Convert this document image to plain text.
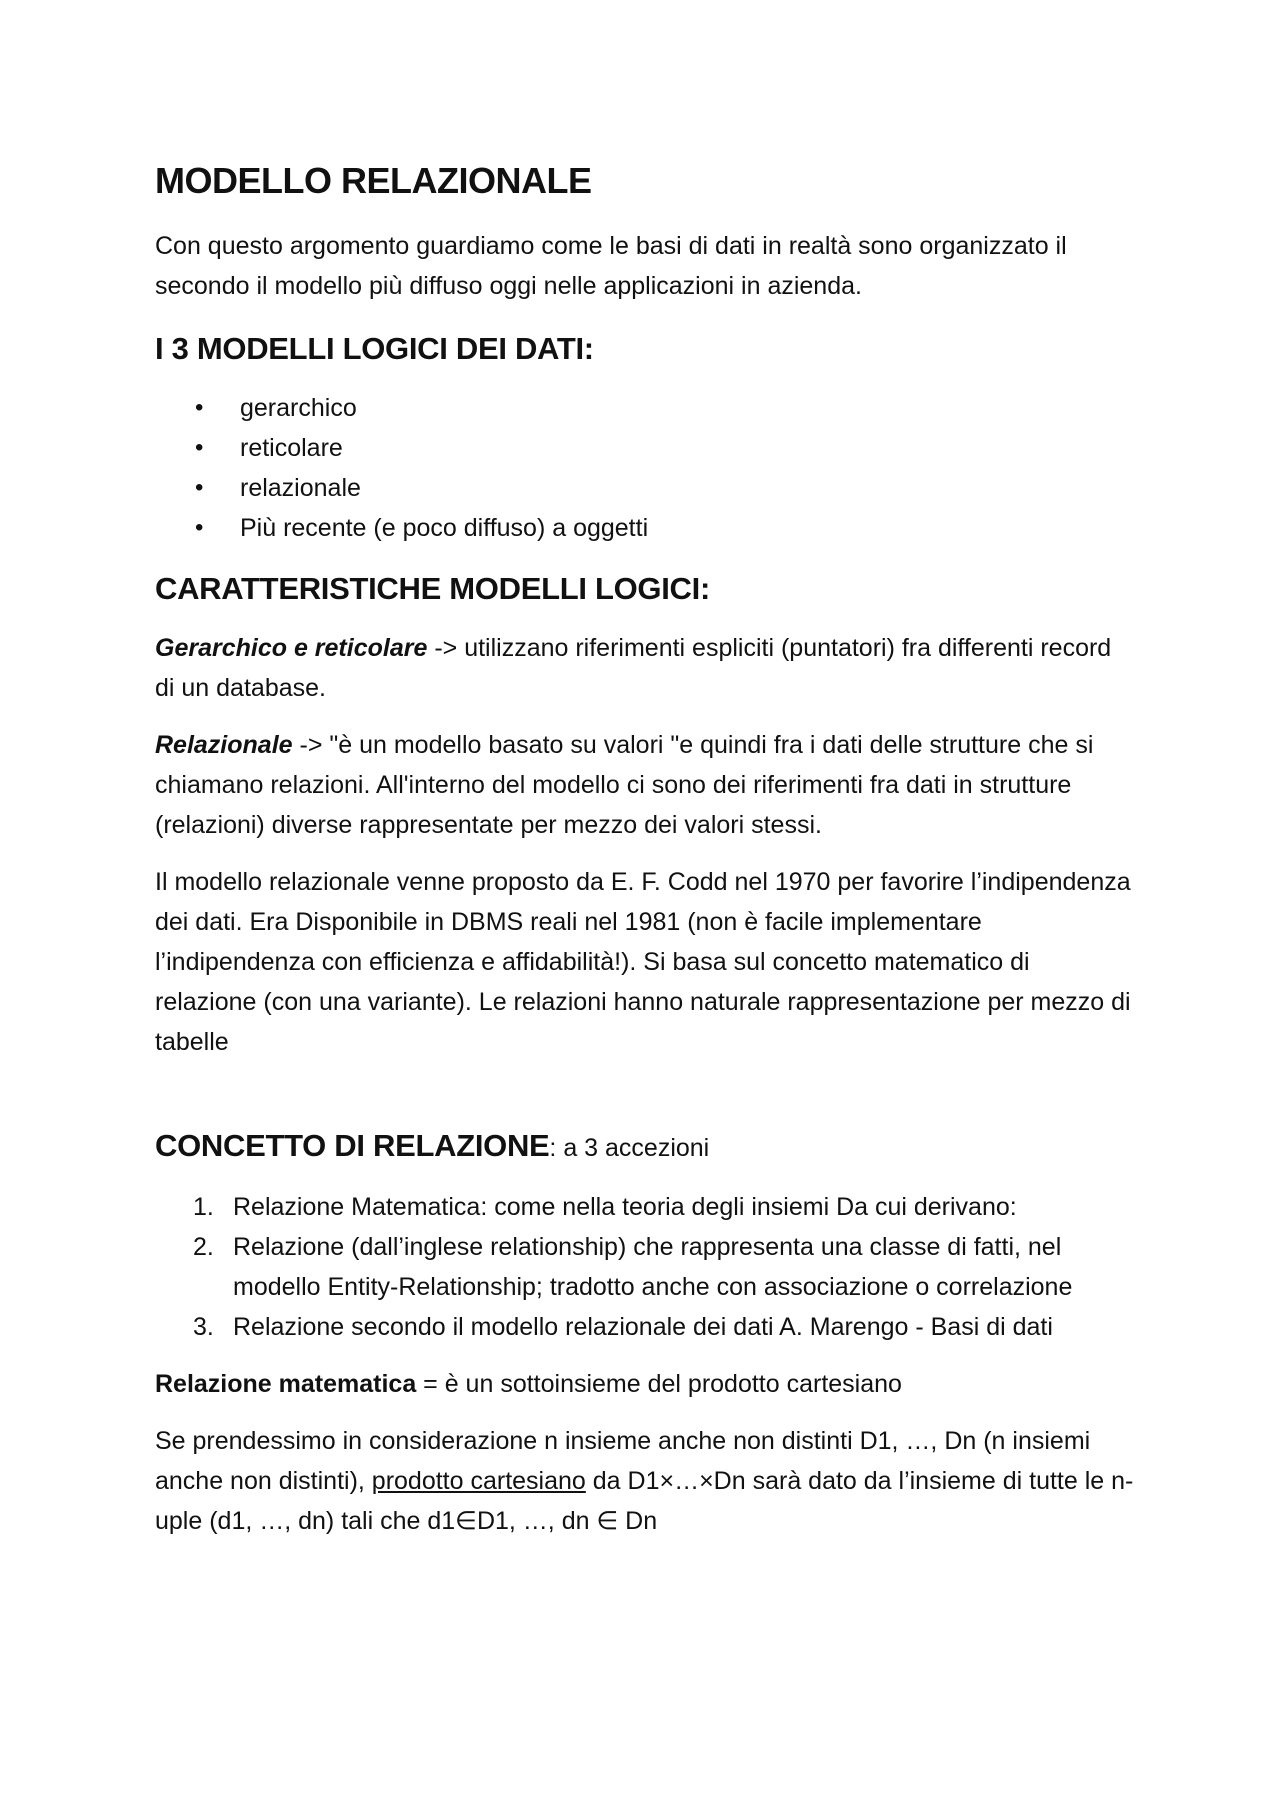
MODELLO RELAZIONALE

Con questo argomento guardiamo come le basi di dati in realtà sono organizzato il secondo il modello più diffuso oggi nelle applicazioni in azienda.

I 3 MODELLI LOGICI DEI DATI:
• gerarchico
• reticolare
• relazionale
• Più recente (e poco diffuso) a oggetti
CARATTERISTICHE MODELLI LOGICI:

Gerarchico e reticolare -> utilizzano riferimenti espliciti (puntatori) fra differenti record di un database.

Relazionale -> "è un modello basato su valori "e quindi fra i dati delle strutture che si chiamano relazioni. All'interno del modello ci sono dei riferimenti fra dati in strutture (relazioni) diverse rappresentate per mezzo dei valori stessi.

Il modello relazionale venne proposto da E. F. Codd nel 1970 per favorire l’indipendenza dei dati. Era Disponibile in DBMS reali nel 1981 (non è facile implementare l’indipendenza con efficienza e affidabilità!). Si basa sul concetto matematico di relazione (con una variante). Le relazioni hanno naturale rappresentazione per mezzo di tabelle

CONCETTO DI RELAZIONE: a 3 accezioni
1. Relazione Matematica: come nella teoria degli insiemi Da cui derivano:
2. Relazione (dall’inglese relationship) che rappresenta una classe di fatti, nel modello Entity-Relationship; tradotto anche con associazione o correlazione
3. Relazione secondo il modello relazionale dei dati A. Marengo - Basi di dati

Relazione matematica = è un sottoinsieme del prodotto cartesiano

Se prendessimo in considerazione n insieme anche non distinti D1, …, Dn (n insiemi anche non distinti), prodotto cartesiano da D1×…×Dn sarà dato da l’insieme di tutte le n-uple (d1, …, dn) tali che d1∈D1, …, dn ∈ Dn
